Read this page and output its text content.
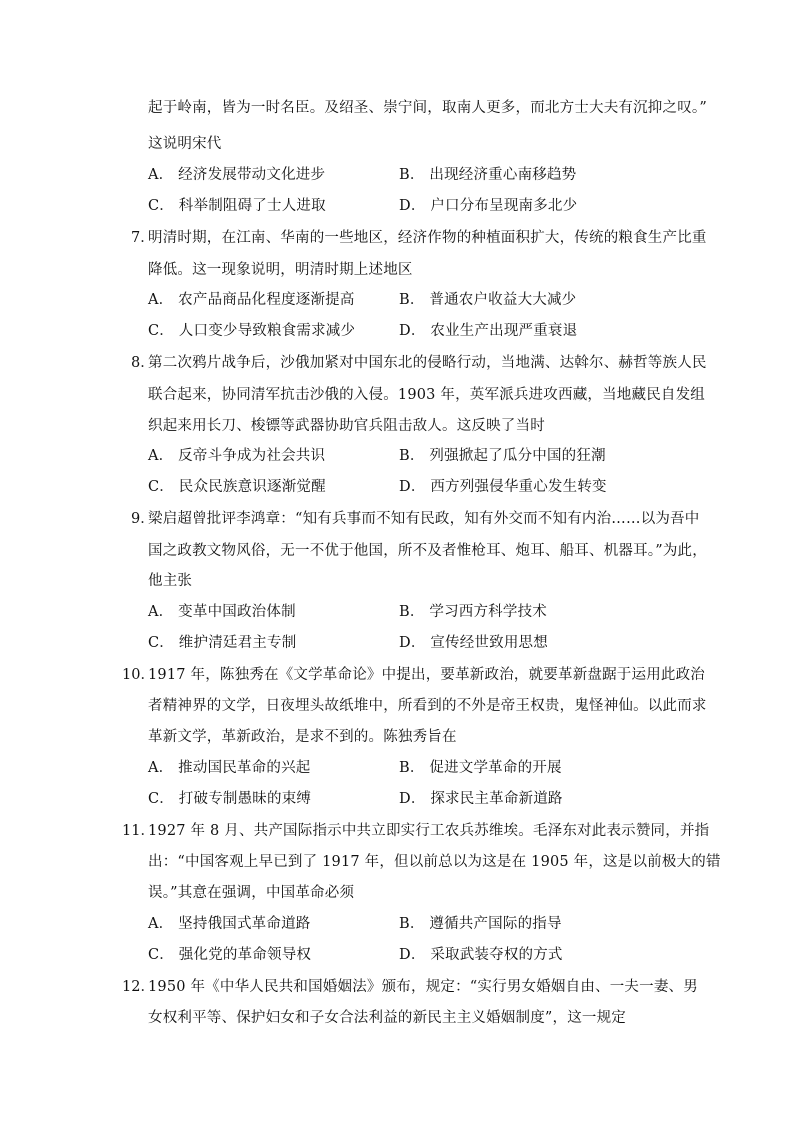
起于岭南，皆为一时名臣。及绍圣、崇宁间，取南人更多，而北方士大夫有沉抑之叹。”
这说明宋代
A． 经济发展带动文化进步	B． 出现经济重心南移趋势
C． 科举制阻碍了士人进取	D． 户口分布呈现南多北少
7．
明清时期，在江南、华南的一些地区，经济作物的种植面积扩大，传统的粮食生产比重
降低。这一现象说明，明清时期上述地区
A． 农产品商品化程度逐渐提高	B． 普通农户收益大大减少
C． 人口变少导致粮食需求减少	D． 农业生产出现严重衰退
8．
第二次鸦片战争后，沙俄加紧对中国东北的侵略行动，当地满、达斡尔、赫哲等族人民
联合起来，协同清军抗击沙俄的入侵。1903 年，英军派兵进攻西藏，当地藏民自发组
织起来用长刀、梭镖等武器协助官兵阻击敌人。这反映了当时
A． 反帝斗争成为社会共识	B． 列强掀起了瓜分中国的狂潮
C． 民众民族意识逐渐觉醒	D． 西方列强侵华重心发生转变
9．
梁启超曾批评李鸿章：“知有兵事而不知有民政，知有外交而不知有内治……以为吾中
国之政教文物风俗，无一不优于他国，所不及者惟枪耳、炮耳、船耳、机器耳。”为此，
他主张
A． 变革中国政治体制	B． 学习西方科学技术
C． 维护清廷君主专制	D． 宣传经世致用思想
10．
1917 年，陈独秀在《文学革命论》中提出，要革新政治，就要革新盘踞于运用此政治
者精神界的文学，日夜埋头故纸堆中，所看到的不外是帝王权贵，鬼怪神仙。以此而求
革新文学，革新政治，是求不到的。陈独秀旨在
A． 推动国民革命的兴起	B． 促进文学革命的开展
C． 打破专制愚昧的束缚	D． 探求民主革命新道路
11．
1927 年 8 月、共产国际指示中共立即实行工农兵苏维埃。毛泽东对此表示赞同，并指
出：“中国客观上早已到了 1917 年，但以前总以为这是在 1905 年，这是以前极大的错
误。”其意在强调，中国革命必须
A． 坚持俄国式革命道路	B． 遵循共产国际的指导
C． 强化党的革命领导权	D． 采取武装夺权的方式
12．
1950 年《中华人民共和国婚姻法》颁布，规定：“实行男女婚姻自由、一夫一妻、男
女权利平等、保护妇女和子女合法利益的新民主主义婚姻制度”，这一规定
